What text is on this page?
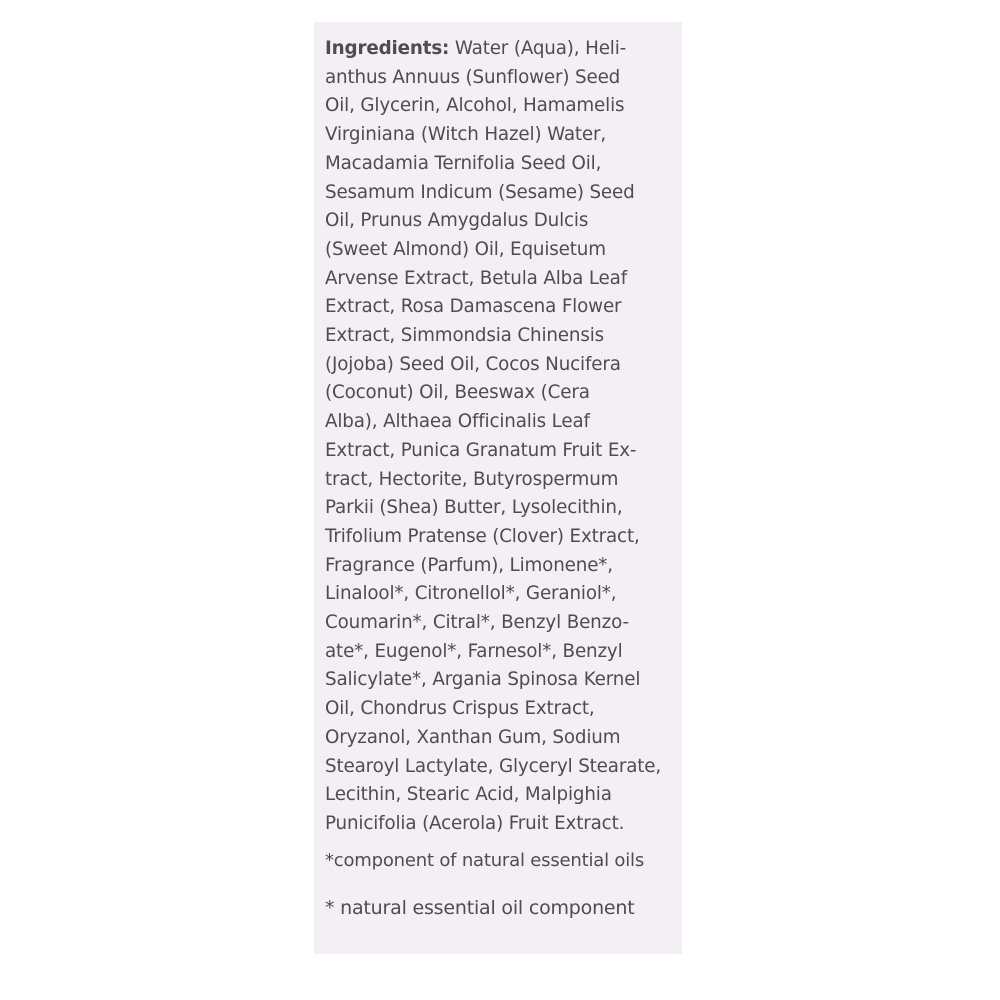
Ingredients: Water (Aqua), Heli-
anthus Annuus (Sunflower) Seed
Oil, Glycerin, Alcohol, Hamamelis
Virginiana (Witch Hazel) Water,
Macadamia Ternifolia Seed Oil,
Sesamum Indicum (Sesame) Seed
Oil, Prunus Amygdalus Dulcis
(Sweet Almond) Oil, Equisetum
Arvense Extract, Betula Alba Leaf
Extract, Rosa Damascena Flower
Extract, Simmondsia Chinensis
(Jojoba) Seed Oil, Cocos Nucifera
(Coconut) Oil, Beeswax (Cera
Alba), Althaea Officinalis Leaf
Extract, Punica Granatum Fruit Ex-
tract, Hectorite, Butyrospermum
Parkii (Shea) Butter, Lysolecithin,
Trifolium Pratense (Clover) Extract,
Fragrance (Parfum), Limonene*,
Linalool*, Citronellol*, Geraniol*,
Coumarin*, Citral*, Benzyl Benzo-
ate*, Eugenol*, Farnesol*, Benzyl
Salicylate*, Argania Spinosa Kernel
Oil, Chondrus Crispus Extract,
Oryzanol, Xanthan Gum, Sodium
Stearoyl Lactylate, Glyceryl Stearate,
Lecithin, Stearic Acid, Malpighia
Punicifolia (Acerola) Fruit Extract.

*component of natural essential oils

* natural essential oil component
